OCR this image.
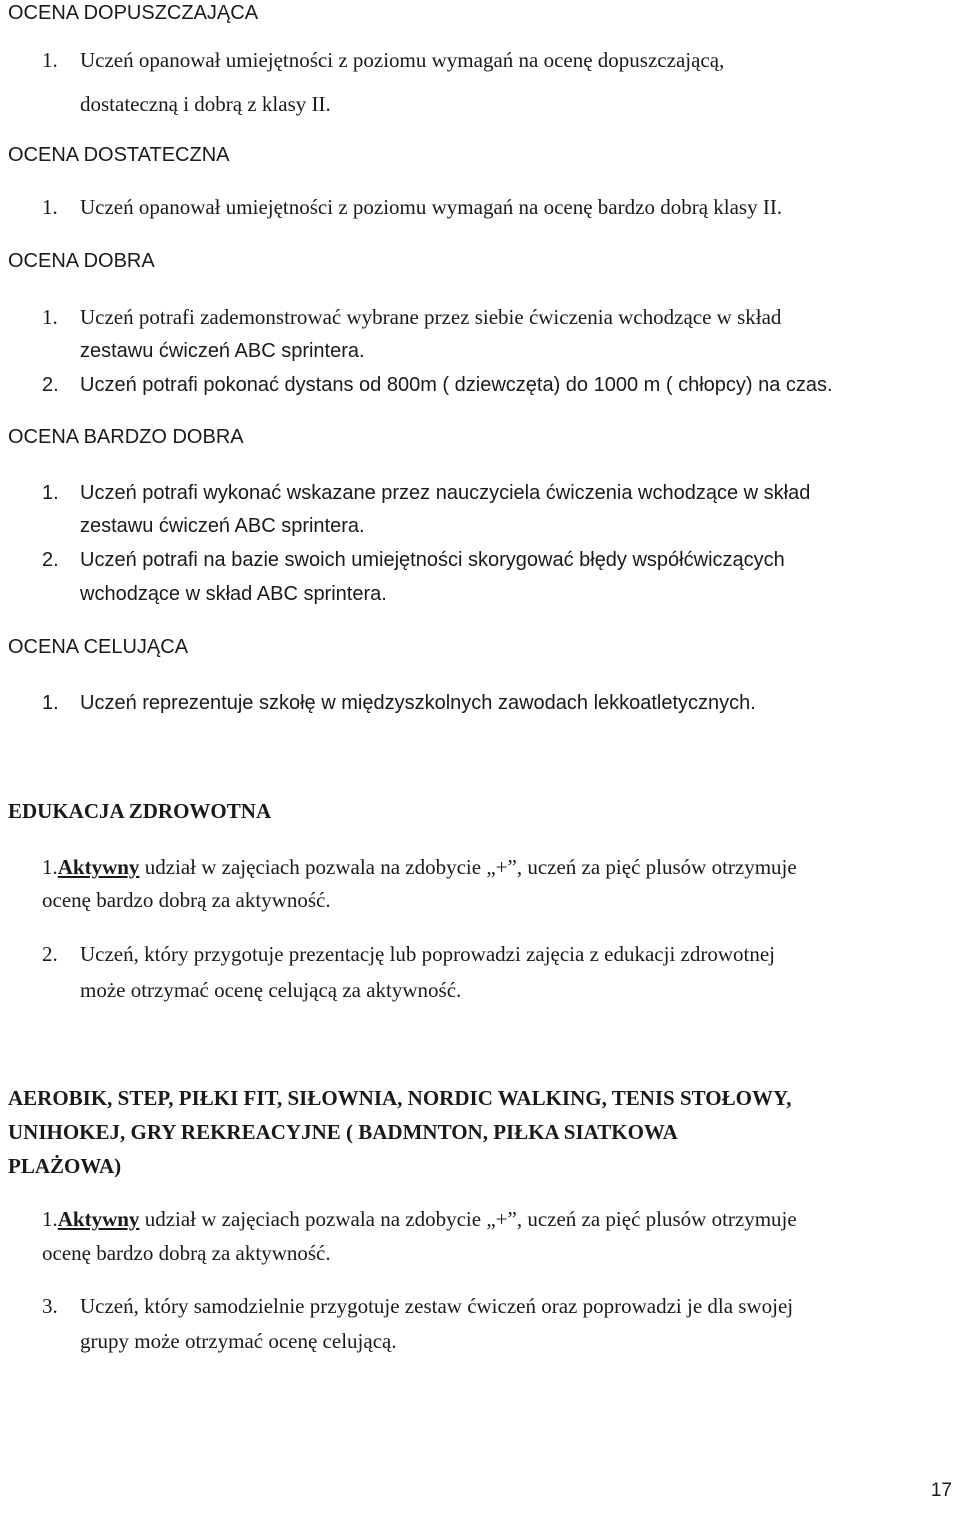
OCENA DOPUSZCZAJĄCA
1. Uczeń opanował umiejętności z poziomu wymagań na ocenę dopuszczającą,
dostateczną i dobrą z klasy II.
OCENA DOSTATECZNA
1. Uczeń opanował umiejętności z poziomu wymagań na ocenę bardzo dobrą klasy II.
OCENA DOBRA
1. Uczeń potrafi zademonstrować wybrane przez siebie ćwiczenia wchodzące w skład
zestawu ćwiczeń ABC sprintera.
2. Uczeń potrafi pokonać dystans od 800m ( dziewczęta) do 1000 m ( chłopcy) na czas.
OCENA BARDZO DOBRA
1. Uczeń potrafi wykonać wskazane przez nauczyciela ćwiczenia wchodzące w skład
zestawu ćwiczeń ABC sprintera.
2. Uczeń potrafi na bazie swoich umiejętności skorygować błędy współćwiczących
wchodzące w skład ABC sprintera.
OCENA CELUJĄCA
1. Uczeń reprezentuje szkołę w międzyszkolnych zawodach lekkoatletycznych.
EDUKACJA ZDROWOTNA
1.Aktywny udział w zajęciach pozwala na zdobycie „+”, uczeń za pięć plusów otrzymuje
ocenę bardzo dobrą za aktywność.
2. Uczeń, który przygotuje prezentację lub poprowadzi zajęcia z edukacji zdrowotnej
może otrzymać ocenę celującą za aktywność.
AEROBIK, STEP, PIŁKI FIT, SIŁOWNIA, NORDIC WALKING, TENIS STOŁOWY,
UNIHOKEJ, GRY REKREACYJNE ( BADMNTON, PIŁKA SIATKOWA
PLAŻOWA)
1.Aktywny udział w zajęciach pozwala na zdobycie „+”, uczeń za pięć plusów otrzymuje
ocenę bardzo dobrą za aktywność.
3. Uczeń, który samodzielnie przygotuje zestaw ćwiczeń oraz poprowadzi je dla swojej
grupy może otrzymać ocenę celującą.
17
